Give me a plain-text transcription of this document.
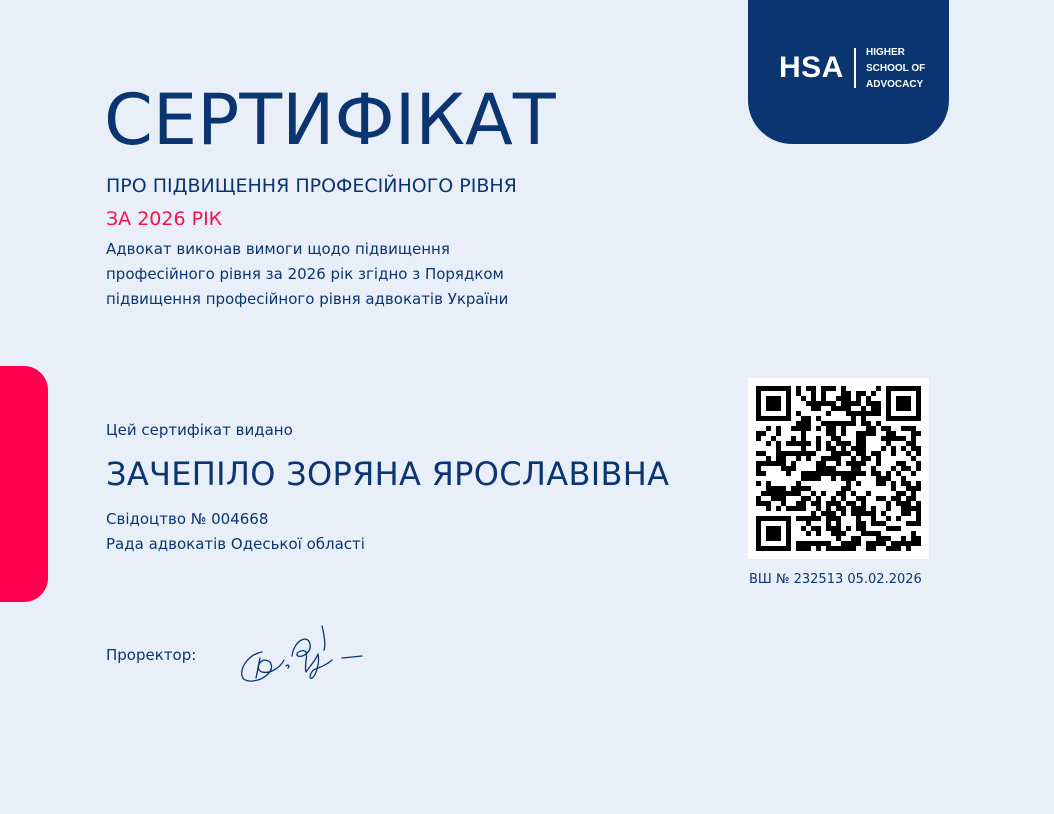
HSA HIGHER
SCHOOL OF
ADVOCACY
СЕРТИФІКАТ
ПРО ПІДВИЩЕННЯ ПРОФЕСІЙНОГО РІВНЯ
ЗА 2026 РІК
Адвокат виконав вимоги щодо підвищення
професійного рівня за 2026 рік згідно з Порядком
підвищення професійного рівня адвокатів України
Цей сертифікат видано
ЗАЧЕПІЛО ЗОРЯНА ЯРОСЛАВІВНА
Свідоцтво № 004668
Рада адвокатів Одеської області
ВШ № 232513 05.02.2026
Проректор:
